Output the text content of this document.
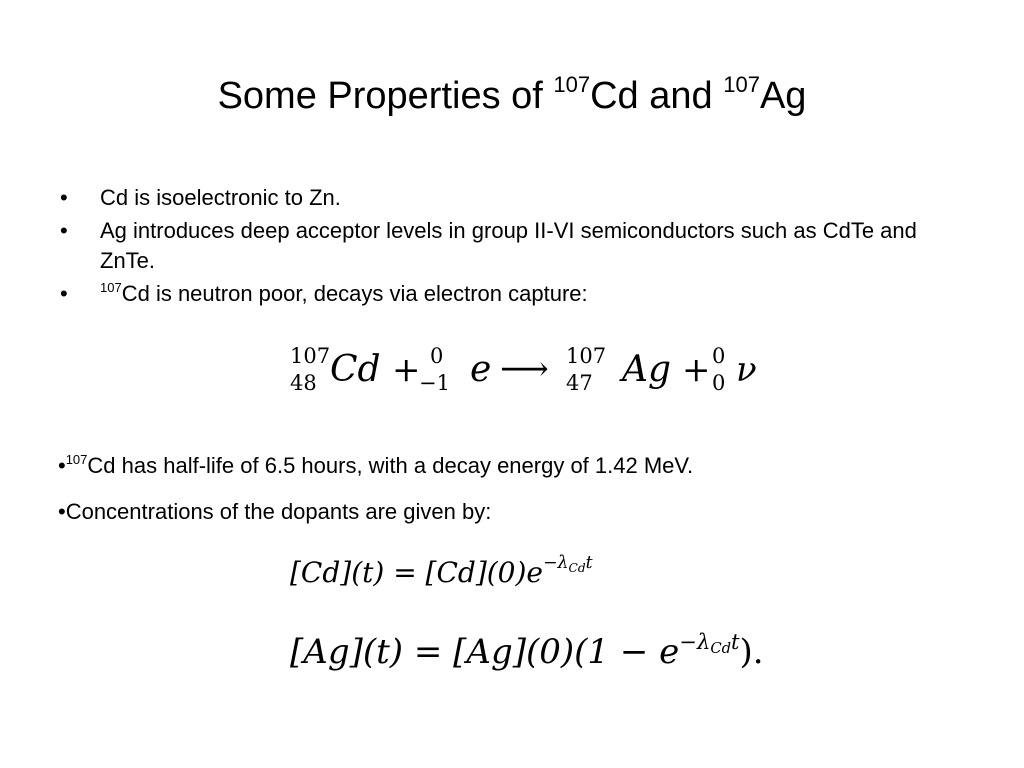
Some Properties of $^{107}$Cd and $^{107}$Ag
• Cd is isoelectronic to Zn.
• Ag introduces deep acceptor levels in group II-VI semiconductors such as CdTe and ZnTe.
• $^{107}$Cd is neutron poor, decays via electron capture:
107
48 Cd + 0
−1 e ⟶ 107
47 Ag + 0
0 ν
•$^{107}$Cd has half-life of 6.5 hours, with a decay energy of 1.42 MeV.
•Concentrations of the dopants are given by:
$[Cd](t) = [Cd](0)e^{-\lambda_{Cd}t}$
$[Ag](t) = [Ag](0)(1 - e^{-\lambda Cdt})$.
